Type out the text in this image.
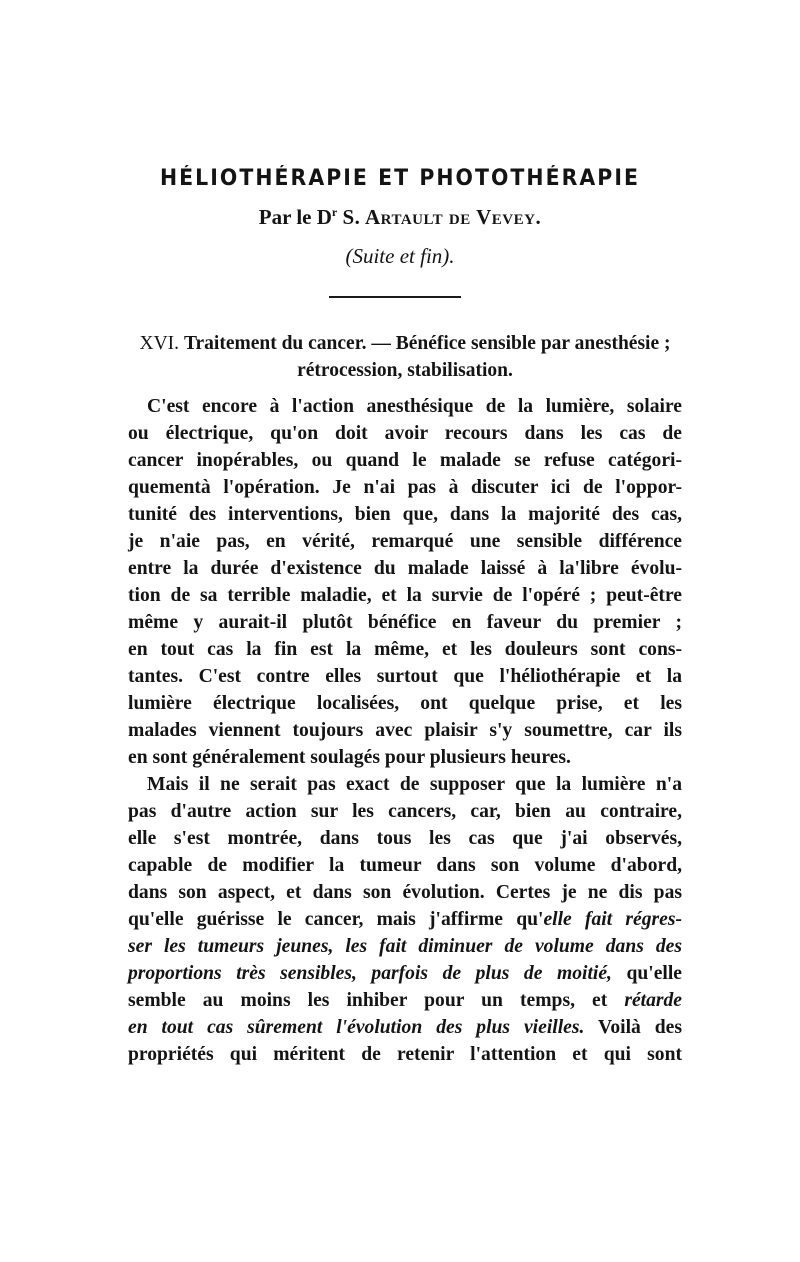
HÉLIOTHÉRAPIE ET PHOTOTHÉRAPIE
Par le $D^r$ S. Artault de Vevey.
(Suite et fin).
XVI. Traitement du cancer. — Bénéfice sensible par anesthésie ;
rétrocession, stabilisation.
C'est encore à l'action anesthésique de la lumière, solaire
ou électrique, qu'on doit avoir recours dans les cas de
cancer inopérables, ou quand le malade se refuse catégori-
quementà l'opération. Je n'ai pas à discuter ici de l'oppor-
tunité des interventions, bien que, dans la majorité des cas,
je n'aie pas, en vérité, remarqué une sensible différence
entre la durée d'existence du malade laissé à la'libre évolu-
tion de sa terrible maladie, et la survie de l'opéré ; peut-être
même y aurait-il plutôt bénéfice en faveur du premier ;
en tout cas la fin est la même, et les douleurs sont cons-
tantes. C'est contre elles surtout que l'héliothérapie et la
lumière électrique localisées, ont quelque prise, et les
malades viennent toujours avec plaisir s'y soumettre, car ils
en sont généralement soulagés pour plusieurs heures.
Mais il ne serait pas exact de supposer que la lumière n'a
pas d'autre action sur les cancers, car, bien au contraire,
elle s'est montrée, dans tous les cas que j'ai observés,
capable de modifier la tumeur dans son volume d'abord,
dans son aspect, et dans son évolution. Certes je ne dis pas
qu'elle guérisse le cancer, mais j'affirme qu'elle fait régres-
ser les tumeurs jeunes, les fait diminuer de volume dans des
proportions très sensibles, parfois de plus de moitié, qu'elle
semble au moins les inhiber pour un temps, et rétarde
en tout cas sûrement l'évolution des plus vieilles. Voilà des
propriétés qui méritent de retenir l'attention et qui sont
